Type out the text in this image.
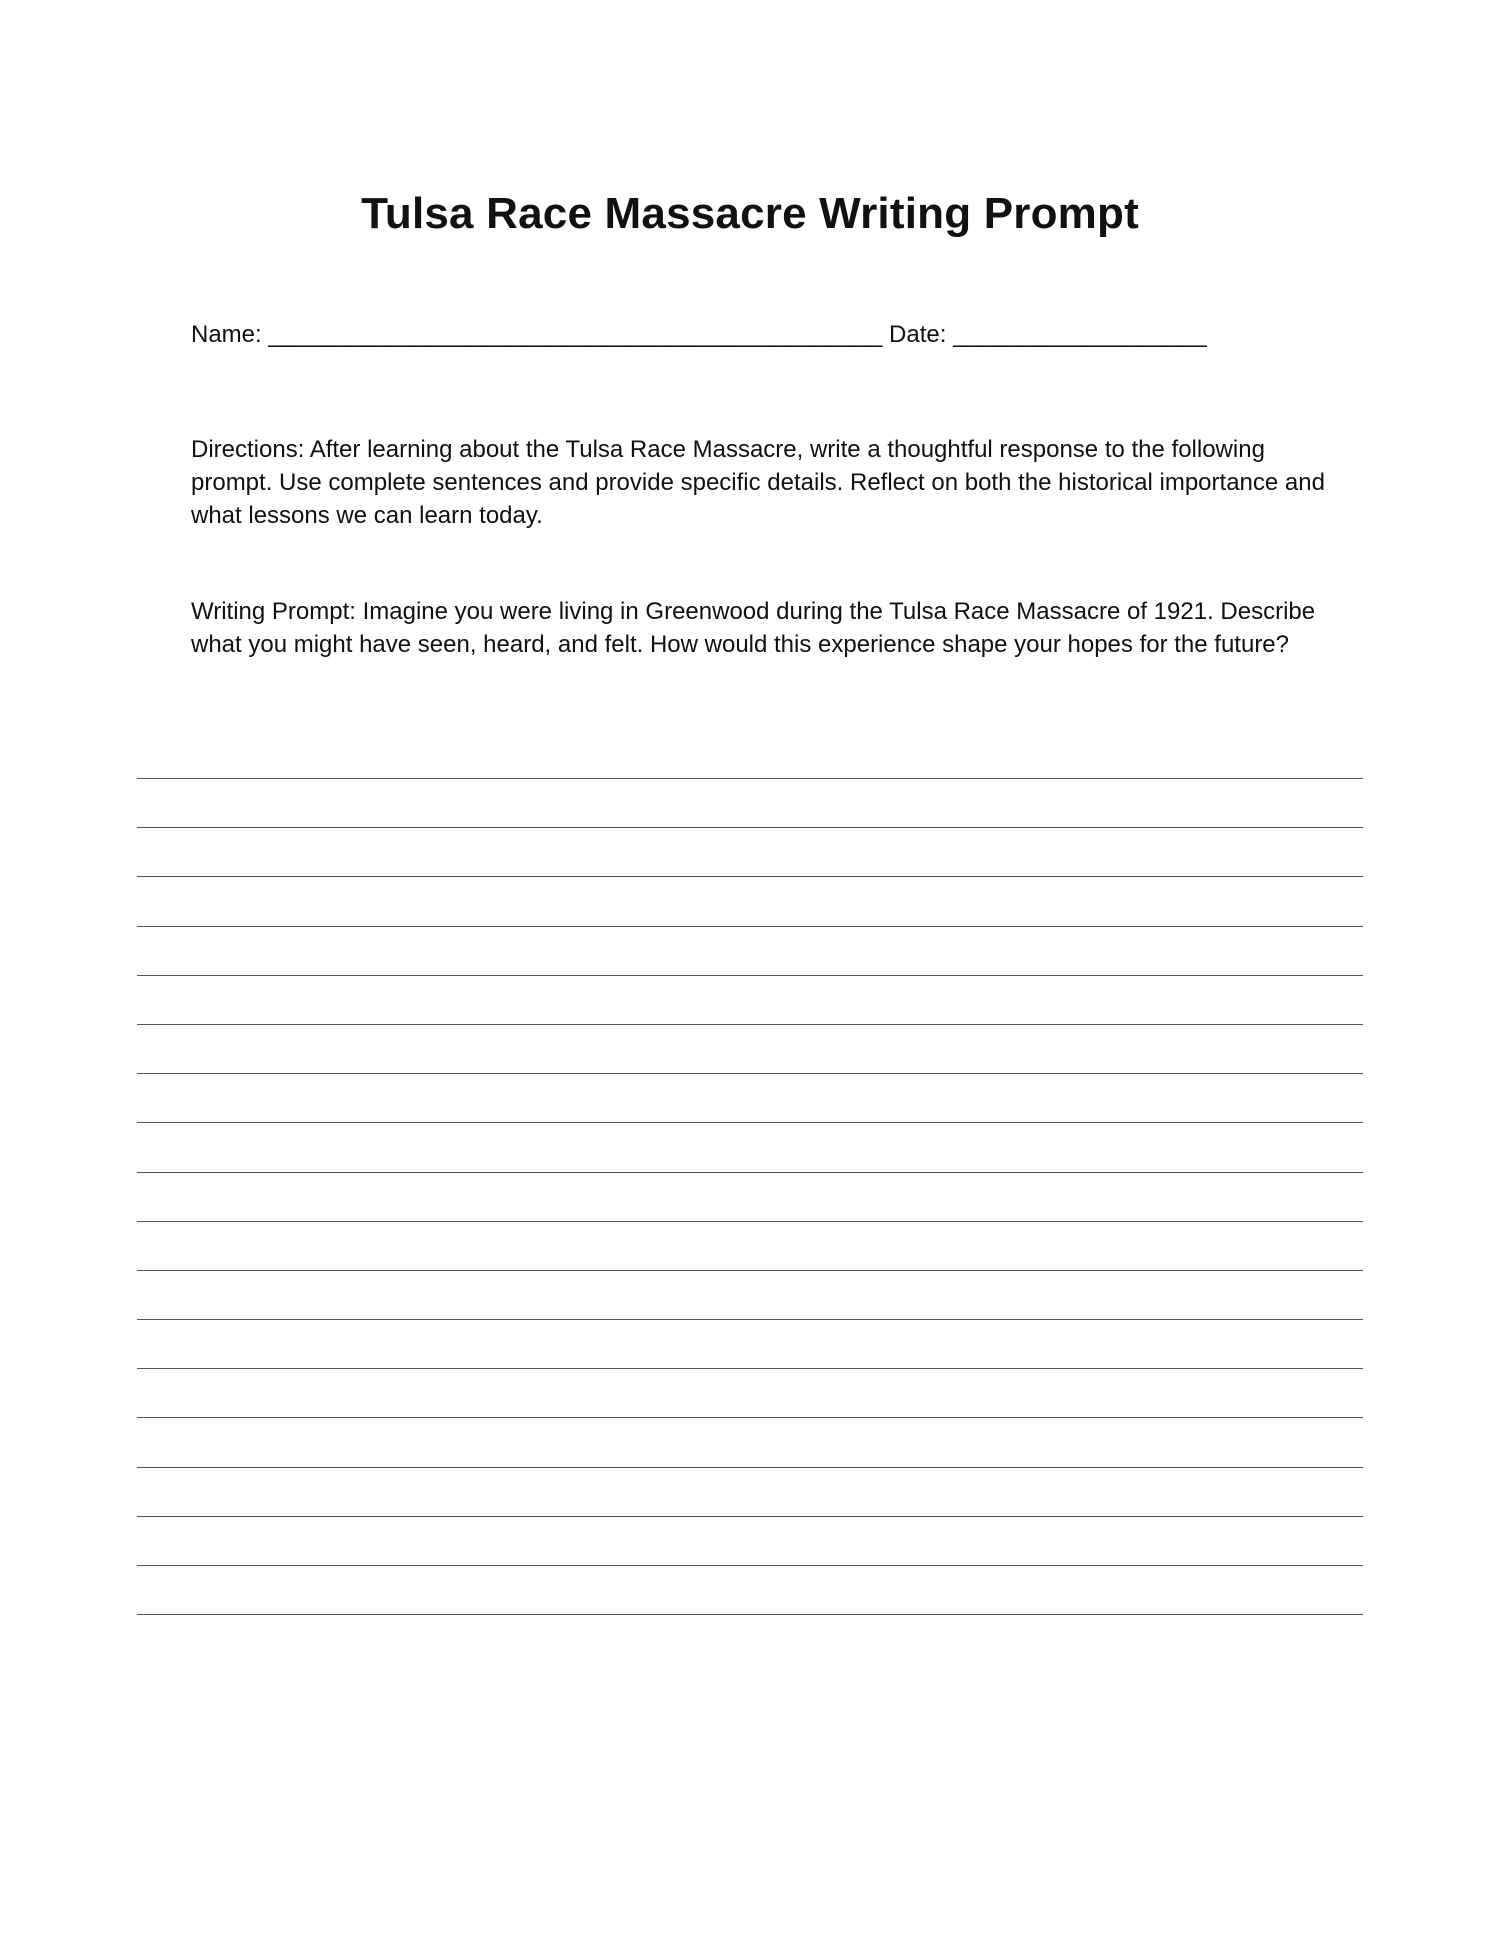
Tulsa Race Massacre Writing Prompt
Name: ______________________________________________ Date: ___________________

Directions: After learning about the Tulsa Race Massacre, write a thoughtful response to the following prompt. Use complete sentences and provide specific details. Reflect on both the historical importance and what lessons we can learn today.

Writing Prompt: Imagine you were living in Greenwood during the Tulsa Race Massacre of 1921. Describe what you might have seen, heard, and felt. How would this experience shape your hopes for the future?
